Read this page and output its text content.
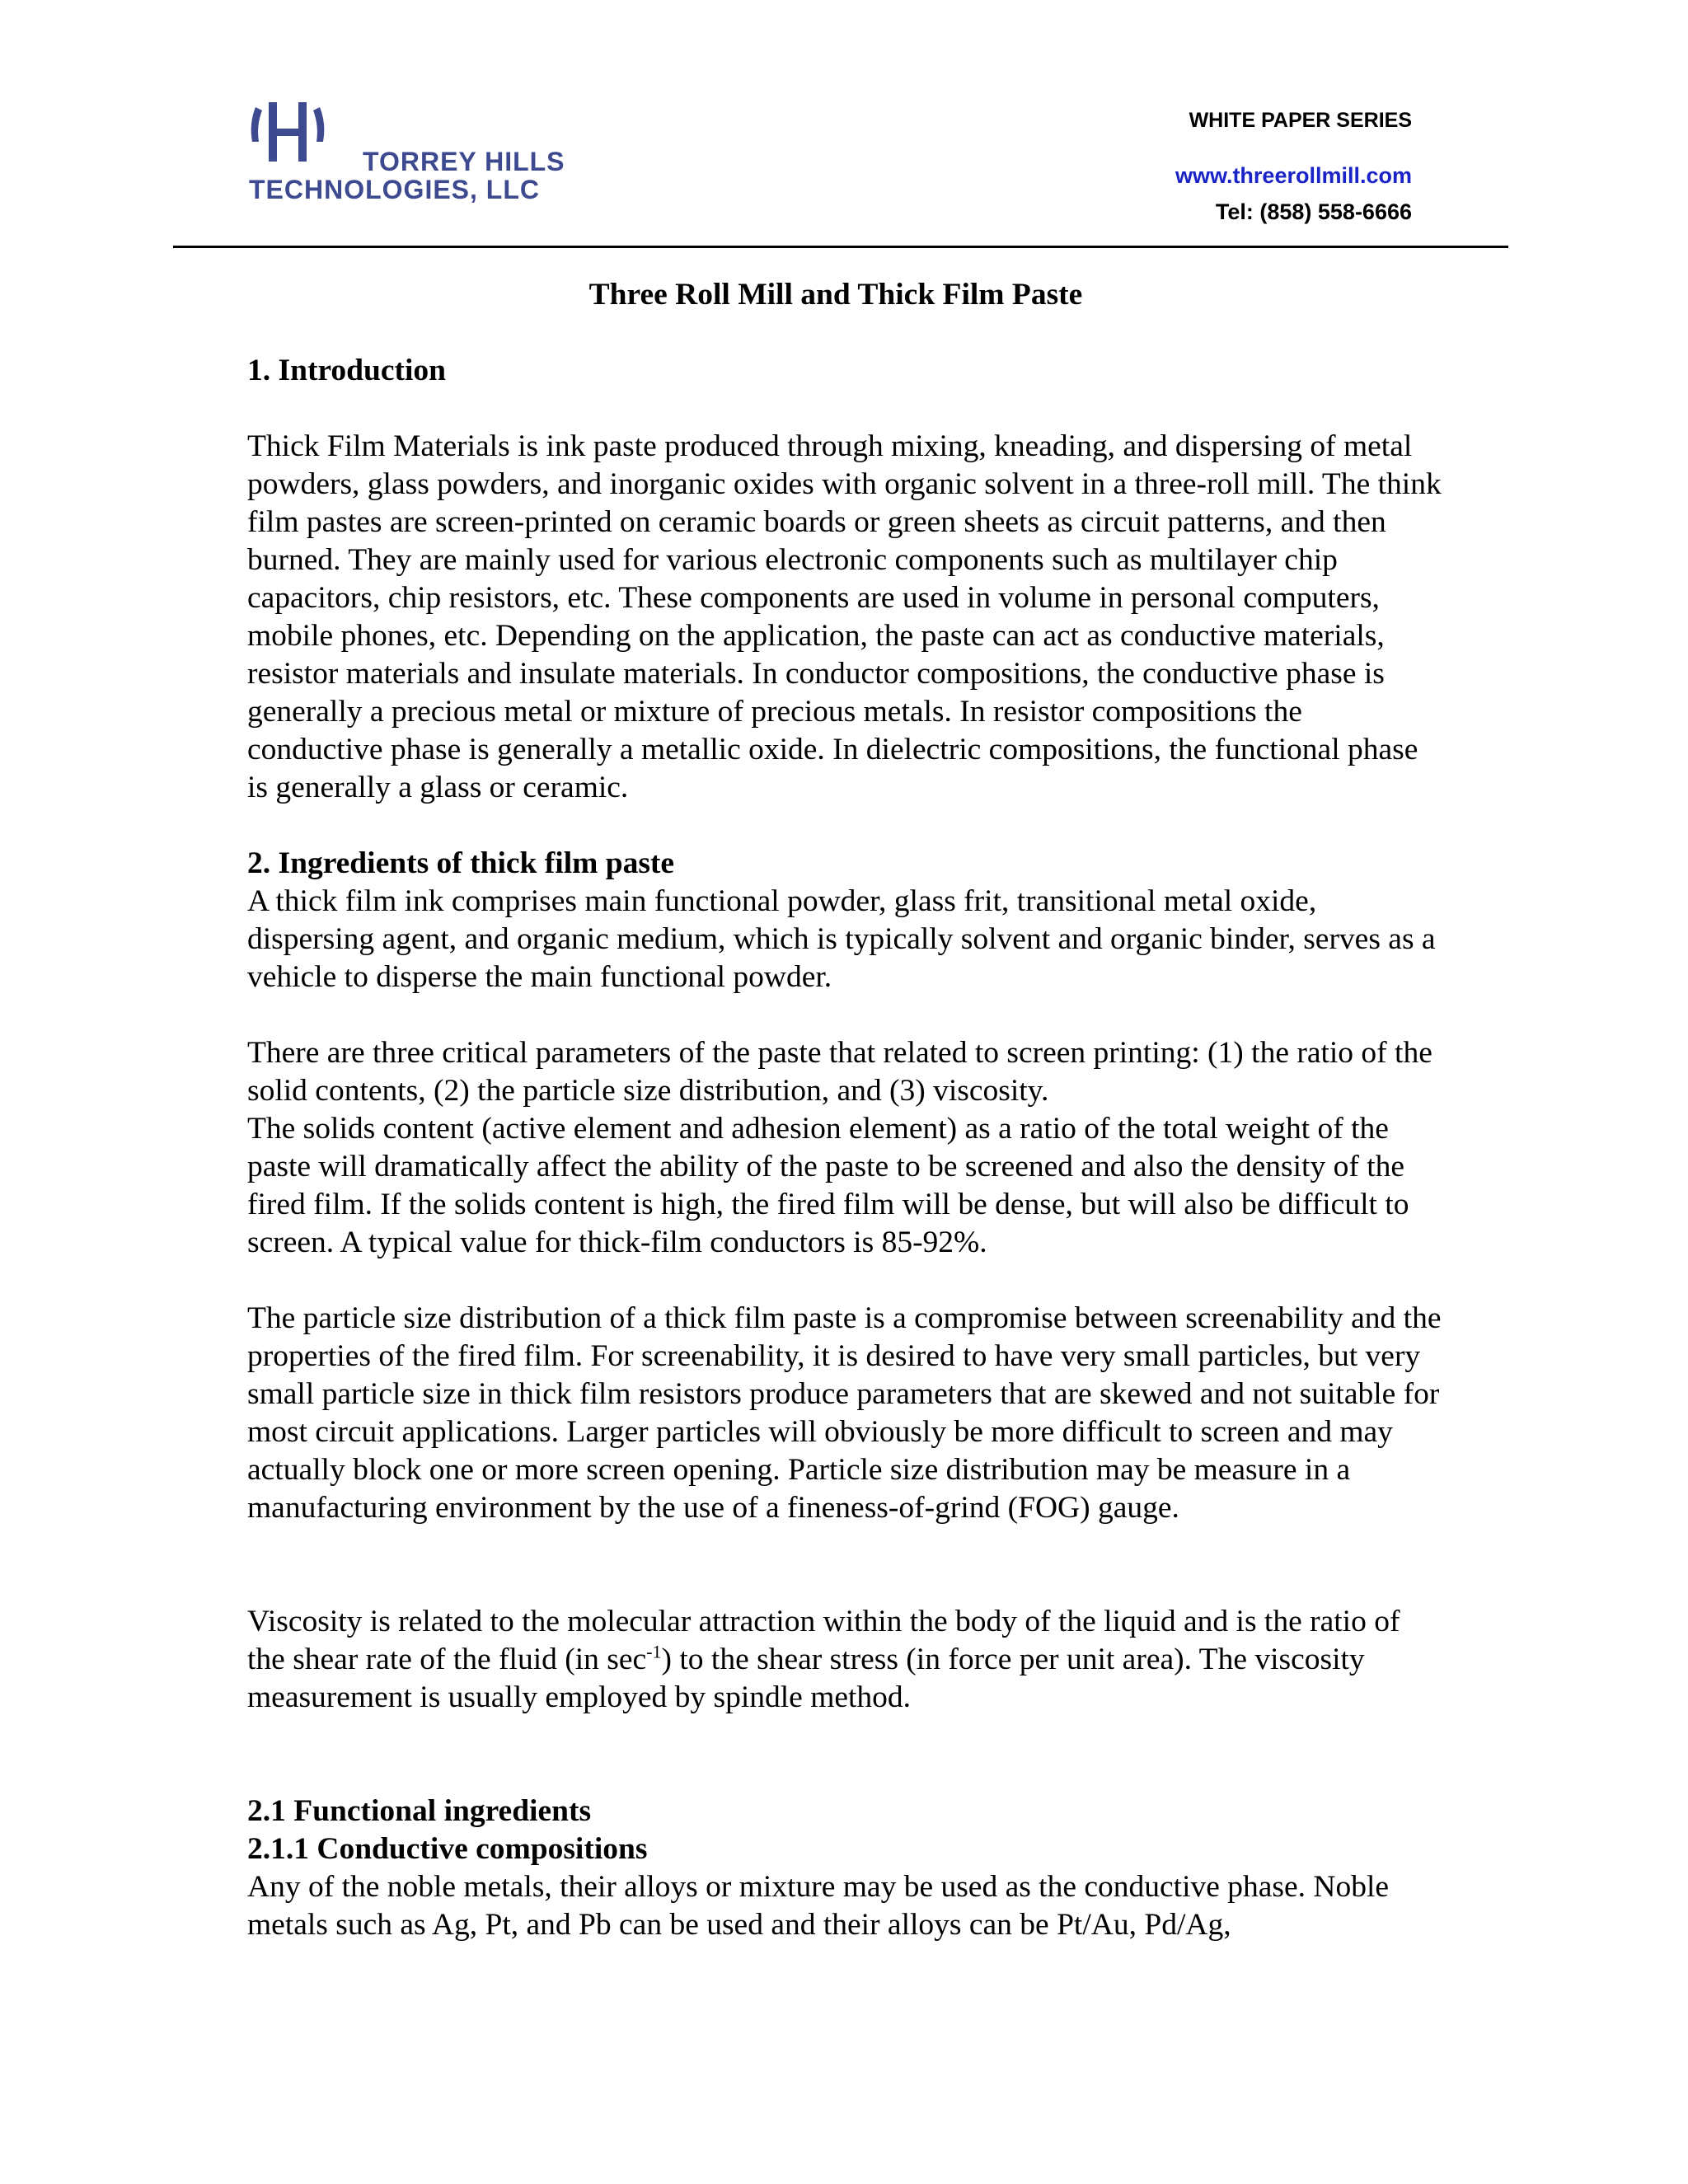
TORREY HILLS
TECHNOLOGIES, LLC
WHITE PAPER SERIES
www.threerollmill.com
Tel: (858) 558-6666

Three Roll Mill and Thick Film Paste

1. Introduction

Thick Film Materials is ink paste produced through mixing, kneading, and dispersing of metal powders, glass powders, and inorganic oxides with organic solvent in a three-roll mill. The think film pastes are screen-printed on ceramic boards or green sheets as circuit patterns, and then burned. They are mainly used for various electronic components such as multilayer chip capacitors, chip resistors, etc. These components are used in volume in personal computers, mobile phones, etc. Depending on the application, the paste can act as conductive materials, resistor materials and insulate materials. In conductor compositions, the conductive phase is generally a precious metal or mixture of precious metals. In resistor compositions the conductive phase is generally a metallic oxide. In dielectric compositions, the functional phase is generally a glass or ceramic.

2. Ingredients of thick film paste

A thick film ink comprises main functional powder, glass frit, transitional metal oxide, dispersing agent, and organic medium, which is typically solvent and organic binder, serves as a vehicle to disperse the main functional powder.

There are three critical parameters of the paste that related to screen printing: (1) the ratio of the solid contents, (2) the particle size distribution, and (3) viscosity.

The solids content (active element and adhesion element) as a ratio of the total weight of the paste will dramatically affect the ability of the paste to be screened and also the density of the fired film. If the solids content is high, the fired film will be dense, but will also be difficult to screen. A typical value for thick-film conductors is 85-92%.

The particle size distribution of a thick film paste is a compromise between screenability and the properties of the fired film. For screenability, it is desired to have very small particles, but very small particle size in thick film resistors produce parameters that are skewed and not suitable for most circuit applications. Larger particles will obviously be more difficult to screen and may actually block one or more screen opening. Particle size distribution may be measure in a manufacturing environment by the use of a fineness-of-grind (FOG) gauge.

Viscosity is related to the molecular attraction within the body of the liquid and is the ratio of the shear rate of the fluid (in $\sec^{-1}$) to the shear stress (in force per unit area). The viscosity measurement is usually employed by spindle method.

2.1 Functional ingredients

2.1.1 Conductive compositions

Any of the noble metals, their alloys or mixture may be used as the conductive phase. Noble metals such as Ag, Pt, and Pb can be used and their alloys can be Pt/Au, Pd/Ag,
